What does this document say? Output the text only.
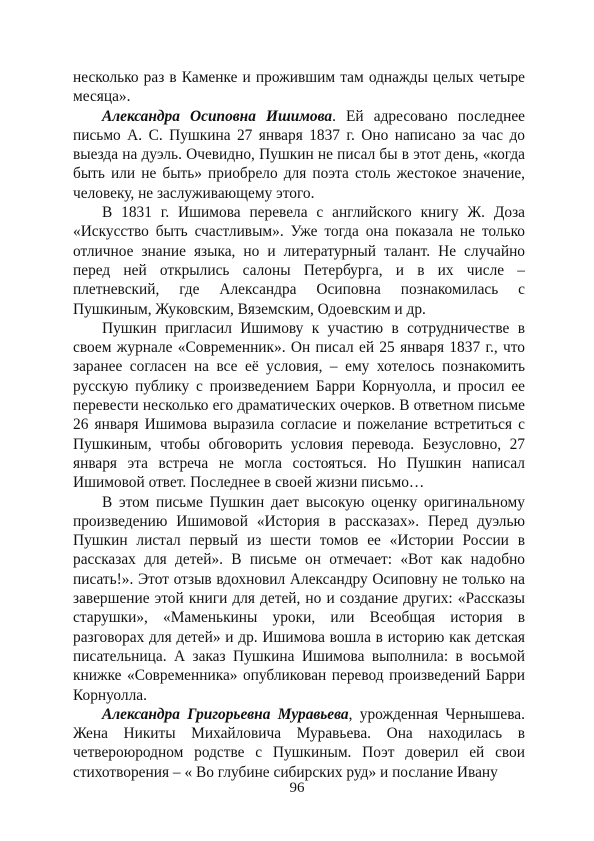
несколько раз в Каменке и прожившим там однажды целых четыре месяца».

Александра Осиповна Ишимова. Ей адресовано последнее письмо А. С. Пушкина 27 января 1837 г. Оно написано за час до выезда на дуэль. Очевидно, Пушкин не писал бы в этот день, «когда быть или не быть» приобрело для поэта столь жестокое значение, человеку, не заслуживающему этого.

В 1831 г. Ишимова перевела с английского книгу Ж. Доза «Искусство быть счастливым». Уже тогда она показала не только отличное знание языка, но и литературный талант. Не случайно перед ней открылись салоны Петербурга, и в их числе – плетневский, где Александра Осиповна познакомилась с Пушкиным, Жуковским, Вяземским, Одоевским и др.

Пушкин пригласил Ишимову к участию в сотрудничестве в своем журнале «Современник». Он писал ей 25 января 1837 г., что заранее согласен на все её условия, – ему хотелось познакомить русскую публику с произведением Барри Корнуолла, и просил ее перевести несколько его драматических очерков. В ответном письме 26 января Ишимова выразила согласие и пожелание встретиться с Пушкиным, чтобы обговорить условия перевода. Безусловно, 27 января эта встреча не могла состояться. Но Пушкин написал Ишимовой ответ. Последнее в своей жизни письмо…

В этом письме Пушкин дает высокую оценку оригинальному произведению Ишимовой «История в рассказах». Перед дуэлью Пушкин листал первый из шести томов ее «Истории России в рассказах для детей». В письме он отмечает: «Вот как надобно писать!». Этот отзыв вдохновил Александру Осиповну не только на завершение этой книги для детей, но и создание других: «Рассказы старушки», «Маменькины уроки, или Всеобщая история в разговорах для детей» и др. Ишимова вошла в историю как детская писательница. А заказ Пушкина Ишимова выполнила: в восьмой книжке «Современника» опубликован перевод произведений Барри Корнуолла.

Александра Григорьевна Муравьева, урожденная Чернышева. Жена Никиты Михайловича Муравьева. Она находилась в четвероюродном родстве с Пушкиным. Поэт доверил ей свои стихотворения – « Во глубине сибирских руд» и послание Ивану

96
